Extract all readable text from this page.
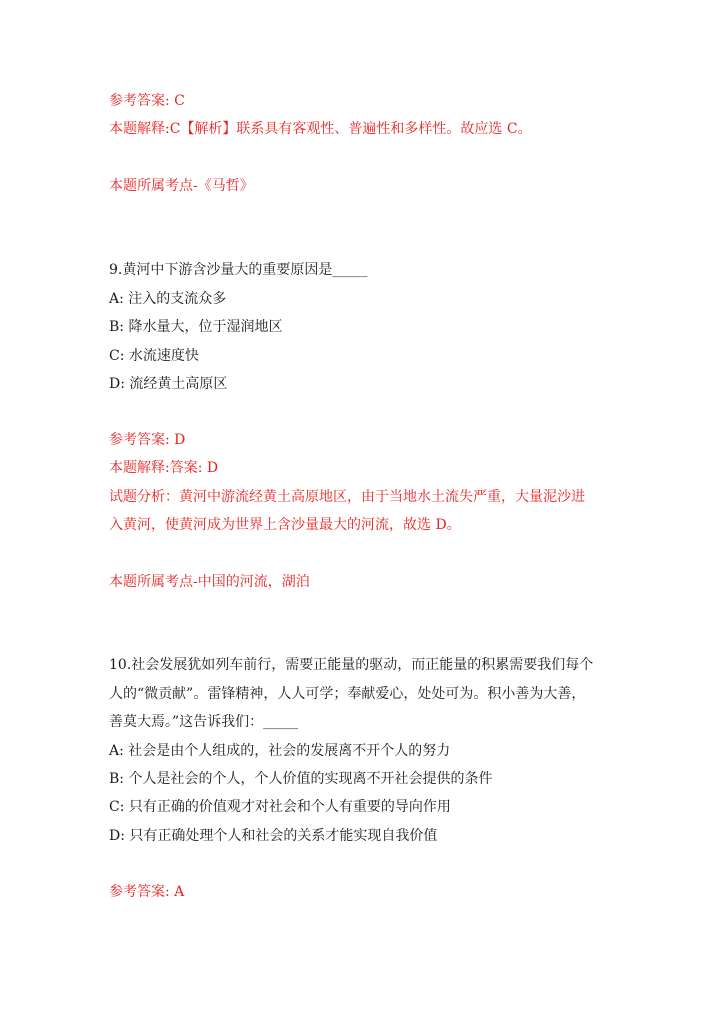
参考答案: C
本题解释:C【解析】联系具有客观性、普遍性和多样性。故应选 C。
本题所属考点-《马哲》
9.黄河中下游含沙量大的重要原因是_____
A: 注入的支流众多
B: 降水量大，位于湿润地区
C: 水流速度快
D: 流经黄土高原区
参考答案: D
本题解释:答案: D
试题分析：黄河中游流经黄土高原地区，由于当地水土流失严重，大量泥沙进
入黄河，使黄河成为世界上含沙量最大的河流，故选 D。
本题所属考点-中国的河流，湖泊
10.社会发展犹如列车前行，需要正能量的驱动，而正能量的积累需要我们每个
人的“微贡献”。雷锋精神，人人可学；奉献爱心，处处可为。积小善为大善，
善莫大焉。”这告诉我们：_____
A: 社会是由个人组成的，社会的发展离不开个人的努力
B: 个人是社会的个人，个人价值的实现离不开社会提供的条件
C: 只有正确的价值观才对社会和个人有重要的导向作用
D: 只有正确处理个人和社会的关系才能实现自我价值
参考答案: A
